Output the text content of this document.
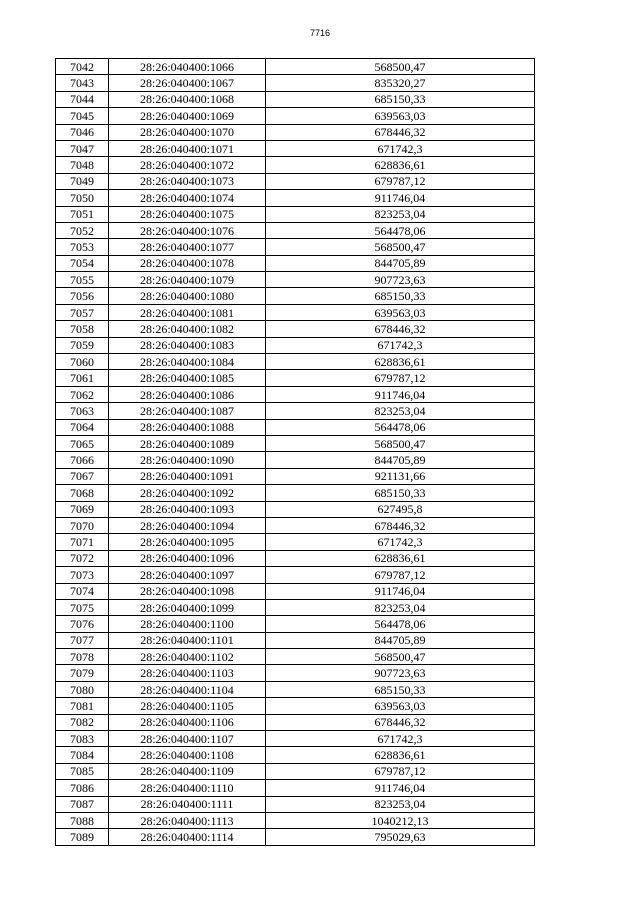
7716
7042	28:26:040400:1066	568500,47
7043	28:26:040400:1067	835320,27
7044	28:26:040400:1068	685150,33
7045	28:26:040400:1069	639563,03
7046	28:26:040400:1070	678446,32
7047	28:26:040400:1071	671742,3
7048	28:26:040400:1072	628836,61
7049	28:26:040400:1073	679787,12
7050	28:26:040400:1074	911746,04
7051	28:26:040400:1075	823253,04
7052	28:26:040400:1076	564478,06
7053	28:26:040400:1077	568500,47
7054	28:26:040400:1078	844705,89
7055	28:26:040400:1079	907723,63
7056	28:26:040400:1080	685150,33
7057	28:26:040400:1081	639563,03
7058	28:26:040400:1082	678446,32
7059	28:26:040400:1083	671742,3
7060	28:26:040400:1084	628836,61
7061	28:26:040400:1085	679787,12
7062	28:26:040400:1086	911746,04
7063	28:26:040400:1087	823253,04
7064	28:26:040400:1088	564478,06
7065	28:26:040400:1089	568500,47
7066	28:26:040400:1090	844705,89
7067	28:26:040400:1091	921131,66
7068	28:26:040400:1092	685150,33
7069	28:26:040400:1093	627495,8
7070	28:26:040400:1094	678446,32
7071	28:26:040400:1095	671742,3
7072	28:26:040400:1096	628836,61
7073	28:26:040400:1097	679787,12
7074	28:26:040400:1098	911746,04
7075	28:26:040400:1099	823253,04
7076	28:26:040400:1100	564478,06
7077	28:26:040400:1101	844705,89
7078	28:26:040400:1102	568500,47
7079	28:26:040400:1103	907723,63
7080	28:26:040400:1104	685150,33
7081	28:26:040400:1105	639563,03
7082	28:26:040400:1106	678446,32
7083	28:26:040400:1107	671742,3
7084	28:26:040400:1108	628836,61
7085	28:26:040400:1109	679787,12
7086	28:26:040400:1110	911746,04
7087	28:26:040400:1111	823253,04
7088	28:26:040400:1113	1040212,13
7089	28:26:040400:1114	795029,63
